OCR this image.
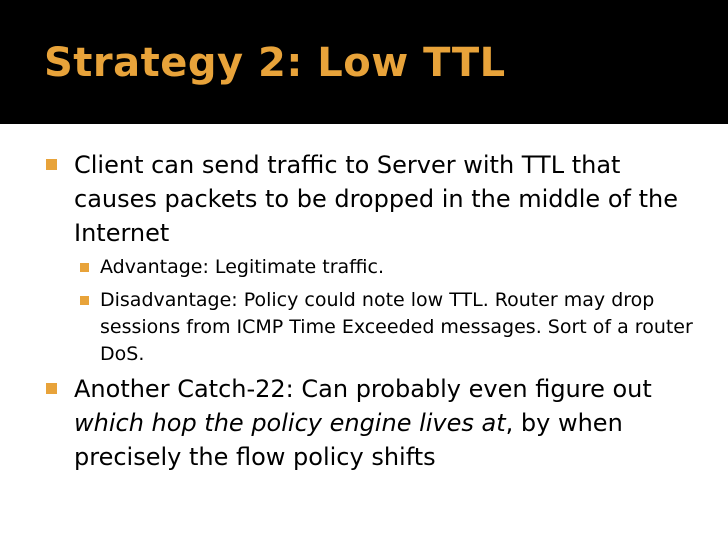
Strategy 2: Low TTL
Client can send traffic to Server with TTL that causes packets to be dropped in the middle of the Internet
Advantage: Legitimate traffic.
Disadvantage: Policy could note low TTL. Router may drop sessions from ICMP Time Exceeded messages. Sort of a router DoS.
Another Catch-22: Can probably even figure out which hop the policy engine lives at, by when precisely the flow policy shifts
